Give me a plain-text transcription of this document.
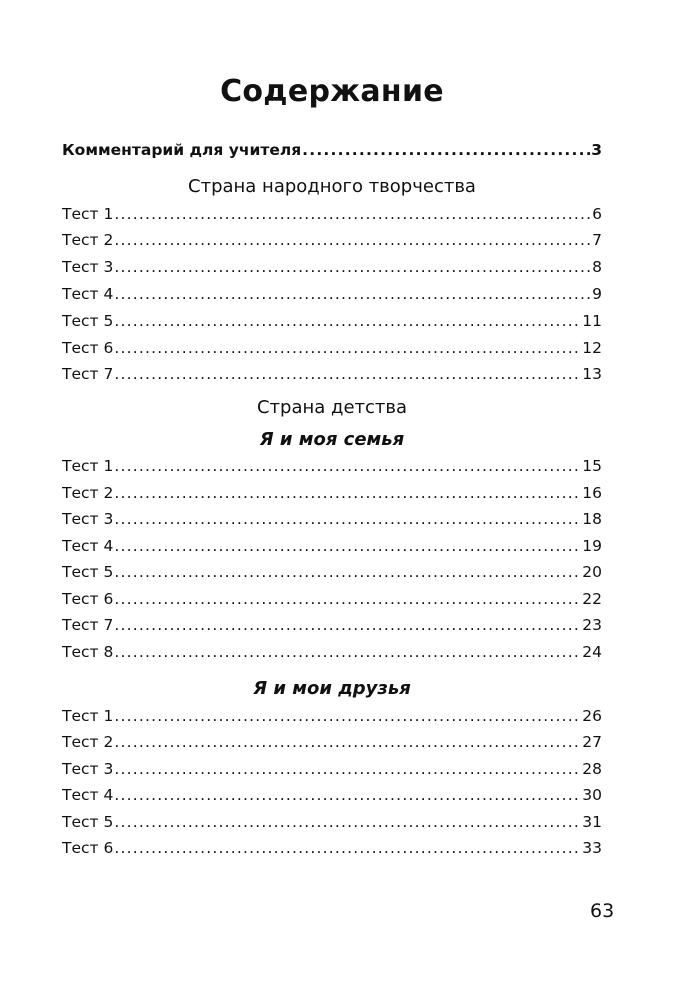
Содержание
Комментарий для учителя .....	3
Страна народного творчества
Тест 1 .....	6
Тест 2 .....	7
Тест 3 .....	8
Тест 4 .....	9
Тест 5 .....	11
Тест 6 .....	12
Тест 7 .....	13
Страна детства
Я и моя семья
Тест 1 .....	15
Тест 2 .....	16
Тест 3 .....	18
Тест 4 .....	19
Тест 5 .....	20
Тест 6 .....	22
Тест 7 .....	23
Тест 8 .....	24
Я и мои друзья
Тест 1 .....	26
Тест 2 .....	27
Тест 3 .....	28
Тест 4 .....	30
Тест 5 .....	31
Тест 6 .....	33
63
